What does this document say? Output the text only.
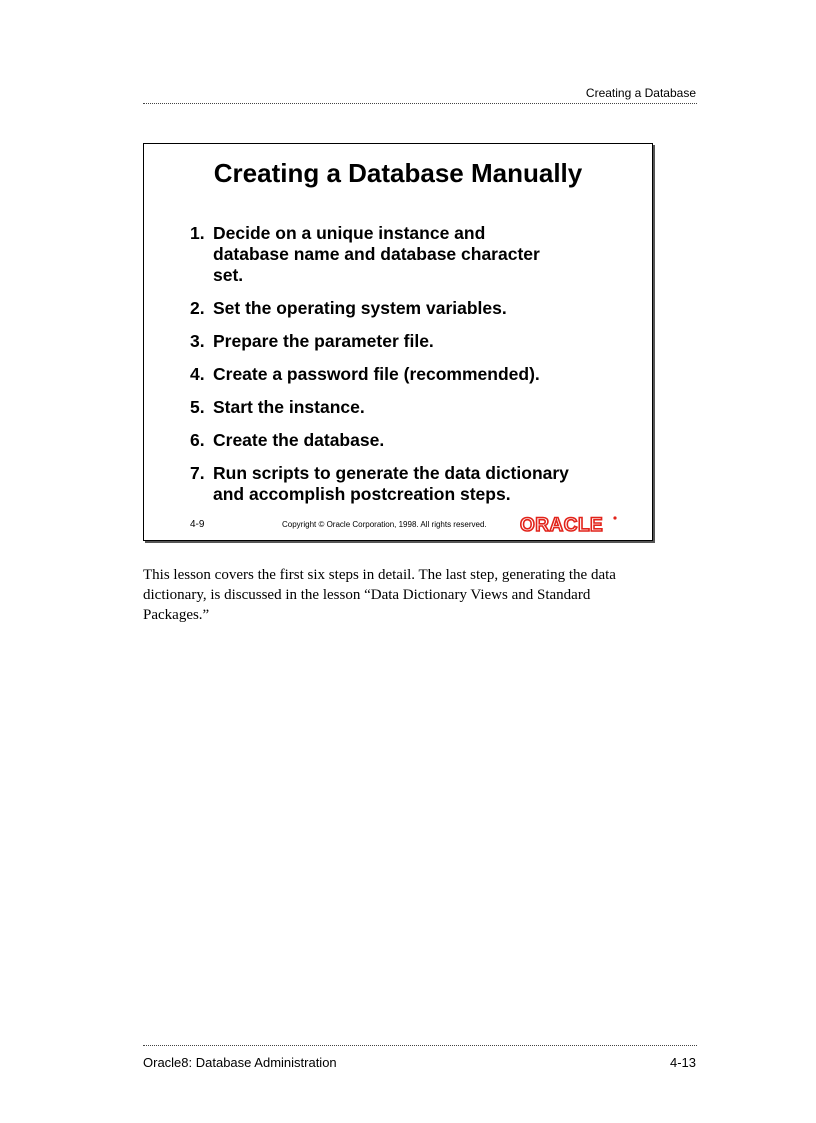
Creating a Database
Creating a Database Manually
1. Decide on a unique instance and database name and database character set.
2. Set the operating system variables.
3. Prepare the parameter file.
4. Create a password file (recommended).
5. Start the instance.
6. Create the database.
7. Run scripts to generate the data dictionary and accomplish postcreation steps.
4-9	Copyright © Oracle Corporation, 1998. All rights reserved. ORACLE
This lesson covers the first six steps in detail. The last step, generating the data dictionary, is discussed in the lesson “Data Dictionary Views and Standard Packages.”
Oracle8: Database Administration	4-13
